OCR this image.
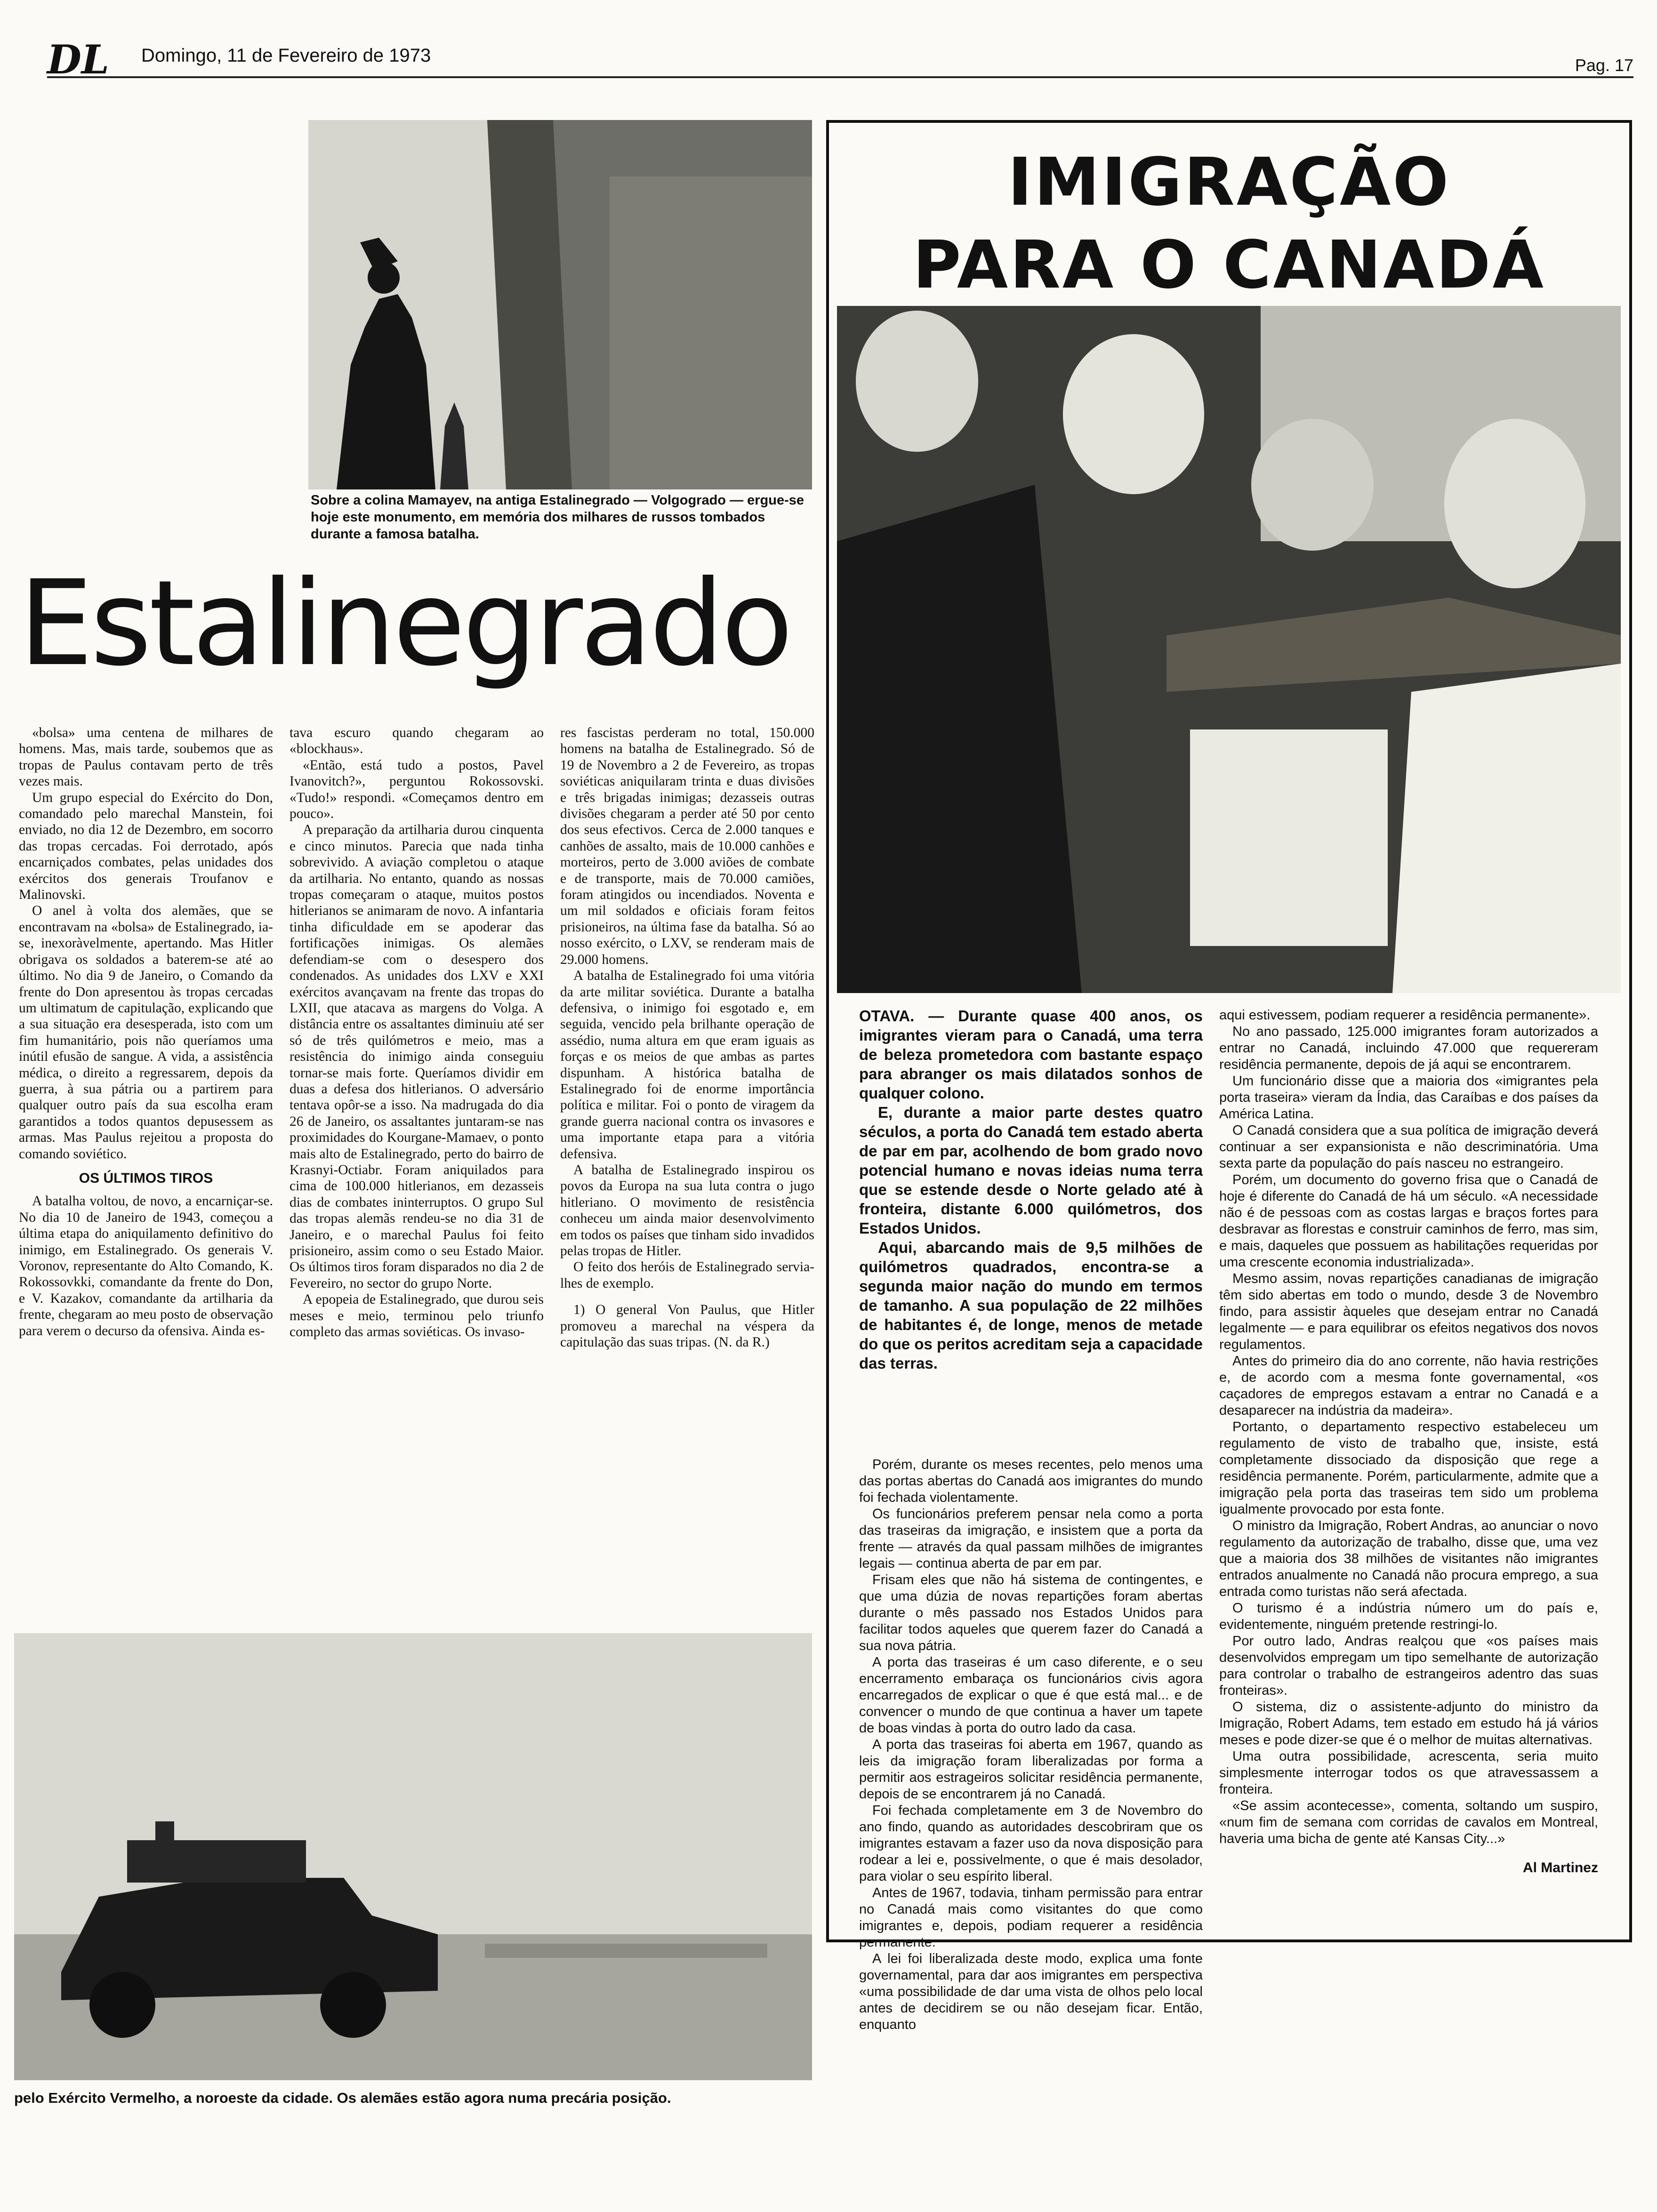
DL Domingo, 11 de Fevereiro de 1973	Pag. 17
Sobre a colina Mamayev, na antiga Estalinegrado — Volgogrado — ergue-se hoje este monumento, em memória dos milhares de russos tombados durante a famosa batalha.
Estalinegrado

«bolsa» uma centena de milhares de homens. Mas, mais tarde, soubemos que as tropas de Paulus contavam perto de três vezes mais.

Um grupo especial do Exército do Don, comandado pelo marechal Manstein, foi enviado, no dia 12 de Dezembro, em socorro das tropas cercadas. Foi derrotado, após encarniçados combates, pelas unidades dos exércitos dos generais Troufanov e Malinovski.

O anel à volta dos alemães, que se encontravam na «bolsa» de Estalinegrado, ia-se, inexoràvelmente, apertando. Mas Hitler obrigava os soldados a baterem-se até ao último. No dia 9 de Janeiro, o Comando da frente do Don apresentou às tropas cercadas um ultimatum de capitulação, explicando que a sua situação era desesperada, isto com um fim humanitário, pois não queríamos uma inútil efusão de sangue. A vida, a assistência médica, o direito a regressarem, depois da guerra, à sua pátria ou a partirem para qualquer outro país da sua escolha eram garantidos a todos quantos depusessem as armas. Mas Paulus rejeitou a proposta do comando soviético.

OS ÚLTIMOS TIROS

A batalha voltou, de novo, a encarniçar-se. No dia 10 de Janeiro de 1943, começou a última etapa do aniquilamento definitivo do inimigo, em Estalinegrado. Os generais V. Voronov, representante do Alto Comando, K. Rokossovkki, comandante da frente do Don, e V. Kazakov, comandante da artilharia da frente, chegaram ao meu posto de observação para verem o decurso da ofensiva. Ainda es-

tava escuro quando chegaram ao «blockhaus».

«Então, está tudo a postos, Pavel Ivanovitch?», perguntou Rokossovski. «Tudo!» respondi. «Começamos dentro em pouco».

A preparação da artilharia durou cinquenta e cinco minutos. Parecia que nada tinha sobrevivido. A aviação completou o ataque da artilharia. No entanto, quando as nossas tropas começaram o ataque, muitos postos hitlerianos se animaram de novo. A infantaria tinha dificuldade em se apoderar das fortificações inimigas. Os alemães defendiam-se com o desespero dos condenados. As unidades dos LXV e XXI exércitos avançavam na frente das tropas do LXII, que atacava as margens do Volga. A distância entre os assaltantes diminuiu até ser só de três quilómetros e meio, mas a resistência do inimigo ainda conseguiu tornar-se mais forte. Queríamos dividir em duas a defesa dos hitlerianos. O adversário tentava opôr-se a isso. Na madrugada do dia 26 de Janeiro, os assaltantes juntaram-se nas proximidades do Kourgane-Mamaev, o ponto mais alto de Estalinegrado, perto do bairro de Krasnyi-Octiabr. Foram aniquilados para cima de 100.000 hitlerianos, em dezasseis dias de combates ininterruptos. O grupo Sul das tropas alemãs rendeu-se no dia 31 de Janeiro, e o marechal Paulus foi feito prisioneiro, assim como o seu Estado Maior. Os últimos tiros foram disparados no dia 2 de Fevereiro, no sector do grupo Norte.

A epopeia de Estalinegrado, que durou seis meses e meio, terminou pelo triunfo completo das armas soviéticas. Os invaso-

res fascistas perderam no total, 150.000 homens na batalha de Estalinegrado. Só de 19 de Novembro a 2 de Fevereiro, as tropas soviéticas aniquilaram trinta e duas divisões e três brigadas inimigas; dezasseis outras divisões chegaram a perder até 50 por cento dos seus efectivos. Cerca de 2.000 tanques e canhões de assalto, mais de 10.000 canhões e morteiros, perto de 3.000 aviões de combate e de transporte, mais de 70.000 camiões, foram atingidos ou incendiados. Noventa e um mil soldados e oficiais foram feitos prisioneiros, na última fase da batalha. Só ao nosso exército, o LXV, se renderam mais de 29.000 homens.

A batalha de Estalinegrado foi uma vitória da arte militar soviética. Durante a batalha defensiva, o inimigo foi esgotado e, em seguida, vencido pela brilhante operação de assédio, numa altura em que eram iguais as forças e os meios de que ambas as partes dispunham. A histórica batalha de Estalinegrado foi de enorme importância política e militar. Foi o ponto de viragem da grande guerra nacional contra os invasores e uma importante etapa para a vitória defensiva.

A batalha de Estalinegrado inspirou os povos da Europa na sua luta contra o jugo hitleriano. O movimento de resistência conheceu um ainda maior desenvolvimento em todos os países que tinham sido invadidos pelas tropas de Hitler.

O feito dos heróis de Estalinegrado servia-lhes de exemplo.

1) O general Von Paulus, que Hitler promoveu a marechal na véspera da capitulação das suas tripas. (N. da R.)

pelo Exército Vermelho, a noroeste da cidade. Os alemães estão agora numa precária posição.
IMIGRAÇÃO
PARA O CANADÁ

OTAVA. — Durante quase 400 anos, os imigrantes vieram para o Canadá, uma terra de beleza prometedora com bastante espaço para abranger os mais dilatados sonhos de qualquer colono.

E, durante a maior parte destes quatro séculos, a porta do Canadá tem estado aberta de par em par, acolhendo de bom grado novo potencial humano e novas ideias numa terra que se estende desde o Norte gelado até à fronteira, distante 6.000 quilómetros, dos Estados Unidos.

Aqui, abarcando mais de 9,5 milhões de quilómetros quadrados, encontra-se a segunda maior nação do mundo em termos de tamanho. A sua população de 22 milhões de habitantes é, de longe, menos de metade do que os peritos acreditam seja a capacidade das terras.

Porém, durante os meses recentes, pelo menos uma das portas abertas do Canadá aos imigrantes do mundo foi fechada violentamente.

Os funcionários preferem pensar nela como a porta das traseiras da imigração, e insistem que a porta da frente — através da qual passam milhões de imigrantes legais — continua aberta de par em par.

Frisam eles que não há sistema de contingentes, e que uma dúzia de novas repartições foram abertas durante o mês passado nos Estados Unidos para facilitar todos aqueles que querem fazer do Canadá a sua nova pátria.

A porta das traseiras é um caso diferente, e o seu encerramento embaraça os funcionários civis agora encarregados de explicar o que é que está mal... e de convencer o mundo de que continua a haver um tapete de boas vindas à porta do outro lado da casa.

A porta das traseiras foi aberta em 1967, quando as leis da imigração foram liberalizadas por forma a permitir aos estrageiros solicitar residência permanente, depois de se encontrarem já no Canadá.

Foi fechada completamente em 3 de Novembro do ano findo, quando as autoridades descobriram que os imigrantes estavam a fazer uso da nova disposição para rodear a lei e, possivelmente, o que é mais desolador, para violar o seu espírito liberal.

Antes de 1967, todavia, tinham permissão para entrar no Canadá mais como visitantes do que como imigrantes e, depois, podiam requerer a residência permanente.

A lei foi liberalizada deste modo, explica uma fonte governamental, para dar aos imigrantes em perspectiva «uma possibilidade de dar uma vista de olhos pelo local antes de decidirem se ou não desejam ficar. Então, enquanto

aqui estivessem, podiam requerer a residência permanente».

No ano passado, 125.000 imigrantes foram autorizados a entrar no Canadá, incluindo 47.000 que requereram residência permanente, depois de já aqui se encontrarem.

Um funcionário disse que a maioria dos «imigrantes pela porta traseira» vieram da Índia, das Caraíbas e dos países da América Latina.

O Canadá considera que a sua política de imigração deverá continuar a ser expansionista e não descriminatória. Uma sexta parte da população do país nasceu no estrangeiro.

Porém, um documento do governo frisa que o Canadá de hoje é diferente do Canadá de há um século. «A necessidade não é de pessoas com as costas largas e braços fortes para desbravar as florestas e construir caminhos de ferro, mas sim, e mais, daqueles que possuem as habilitações requeridas por uma crescente economia industrializada».

Mesmo assim, novas repartições canadianas de imigração têm sido abertas em todo o mundo, desde 3 de Novembro findo, para assistir àqueles que desejam entrar no Canadá legalmente — e para equilibrar os efeitos negativos dos novos regulamentos.

Antes do primeiro dia do ano corrente, não havia restrições e, de acordo com a mesma fonte governamental, «os caçadores de empregos estavam a entrar no Canadá e a desaparecer na indústria da madeira».

Portanto, o departamento respectivo estabeleceu um regulamento de visto de trabalho que, insiste, está completamente dissociado da disposição que rege a residência permanente. Porém, particularmente, admite que a imigração pela porta das traseiras tem sido um problema igualmente provocado por esta fonte.

O ministro da Imigração, Robert Andras, ao anunciar o novo regulamento da autorização de trabalho, disse que, uma vez que a maioria dos 38 milhões de visitantes não imigrantes entrados anualmente no Canadá não procura emprego, a sua entrada como turistas não será afectada.

O turismo é a indústria número um do país e, evidentemente, ninguém pretende restringi-lo.

Por outro lado, Andras realçou que «os países mais desenvolvidos empregam um tipo semelhante de autorização para controlar o trabalho de estrangeiros adentro das suas fronteiras».

O sistema, diz o assistente-adjunto do ministro da Imigração, Robert Adams, tem estado em estudo há já vários meses e pode dizer-se que é o melhor de muitas alternativas.

Uma outra possibilidade, acrescenta, seria muito simplesmente interrogar todos os que atravessassem a fronteira.

«Se assim acontecesse», comenta, soltando um suspiro, «num fim de semana com corridas de cavalos em Montreal, haveria uma bicha de gente até Kansas City...»

Al Martinez
